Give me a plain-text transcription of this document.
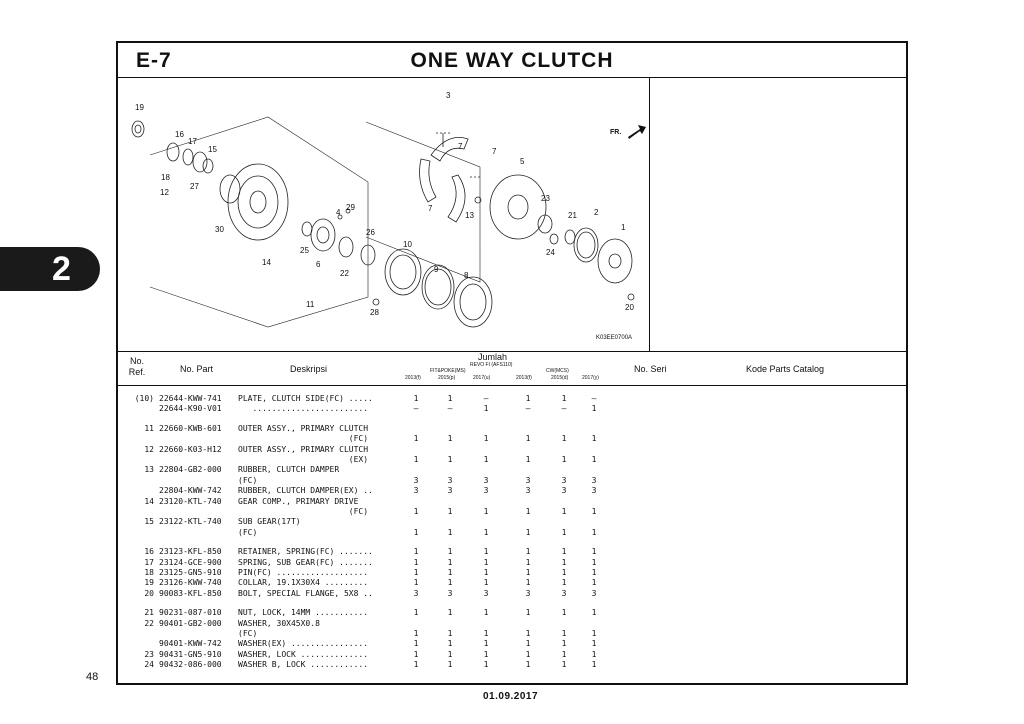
2
48
ONE WAY CLUTCH
E-7
19
16
17
15
18
27
12
30
14
11
3
7
7
7
13
5
29
4
26
25
6
22
23
24
21 2
1
20
10
9
8
28
FR.
K03EE0700A
No.
Ref.	No. Part	Deskripsi
Jumlah
REVO FI (AFS110)
FIT&POKE(MS)	CW(MCS)
2013(f)	2015(p)	2017(u)	2013(f)	2015(d)	2017(y)
No. Seri	Kode Parts Catalog
(10) 22644-KWW-741 PLATE, CLUTCH SIDE(FC) .....	1	1	–	1	1	–
22644-K90-V01 ........................	–	–	1	–	–	1
11 22660-KWB-601 OUTER ASSY., PRIMARY CLUTCH
(FC)	1	1	1	1	1	1
12 22660-K03-H12 OUTER ASSY., PRIMARY CLUTCH
(EX)	1	1	1	1	1	1
13 22804-GB2-000 RUBBER, CLUTCH DAMPER
(FC)	3	3	3	3	3	3
22804-KWW-742 RUBBER, CLUTCH DAMPER(EX) ..	3	3	3	3	3	3
14 23120-KTL-740 GEAR COMP., PRIMARY DRIVE
(FC)	1	1	1	1	1	1
15 23122-KTL-740 SUB GEAR(17T)
(FC)	1	1	1	1	1	1
16 23123-KFL-850 RETAINER, SPRING(FC) .......	1	1	1	1	1	1
17 23124-GCE-900 SPRING, SUB GEAR(FC) .......	1	1	1	1	1	1
18 23125-GN5-910 PIN(FC) ...................	1	1	1	1	1	1
19 23126-KWW-740 COLLAR, 19.1X30X4 .........	1	1	1	1	1	1
20 90083-KFL-850 BOLT, SPECIAL FLANGE, 5X8 ..	3	3	3	3	3	3
21 90231-087-010 NUT, LOCK, 14MM ...........	1	1	1	1	1	1
22 90401-GB2-000 WASHER, 30X45X0.8
(FC)	1	1	1	1	1	1
90401-KWW-742 WASHER(EX) ................	1	1	1	1	1	1
23 90431-GN5-910 WASHER, LOCK ..............	1	1	1	1	1	1
24 90432-086-000 WASHER B, LOCK ............	1	1	1	1	1	1
01.09.2017
